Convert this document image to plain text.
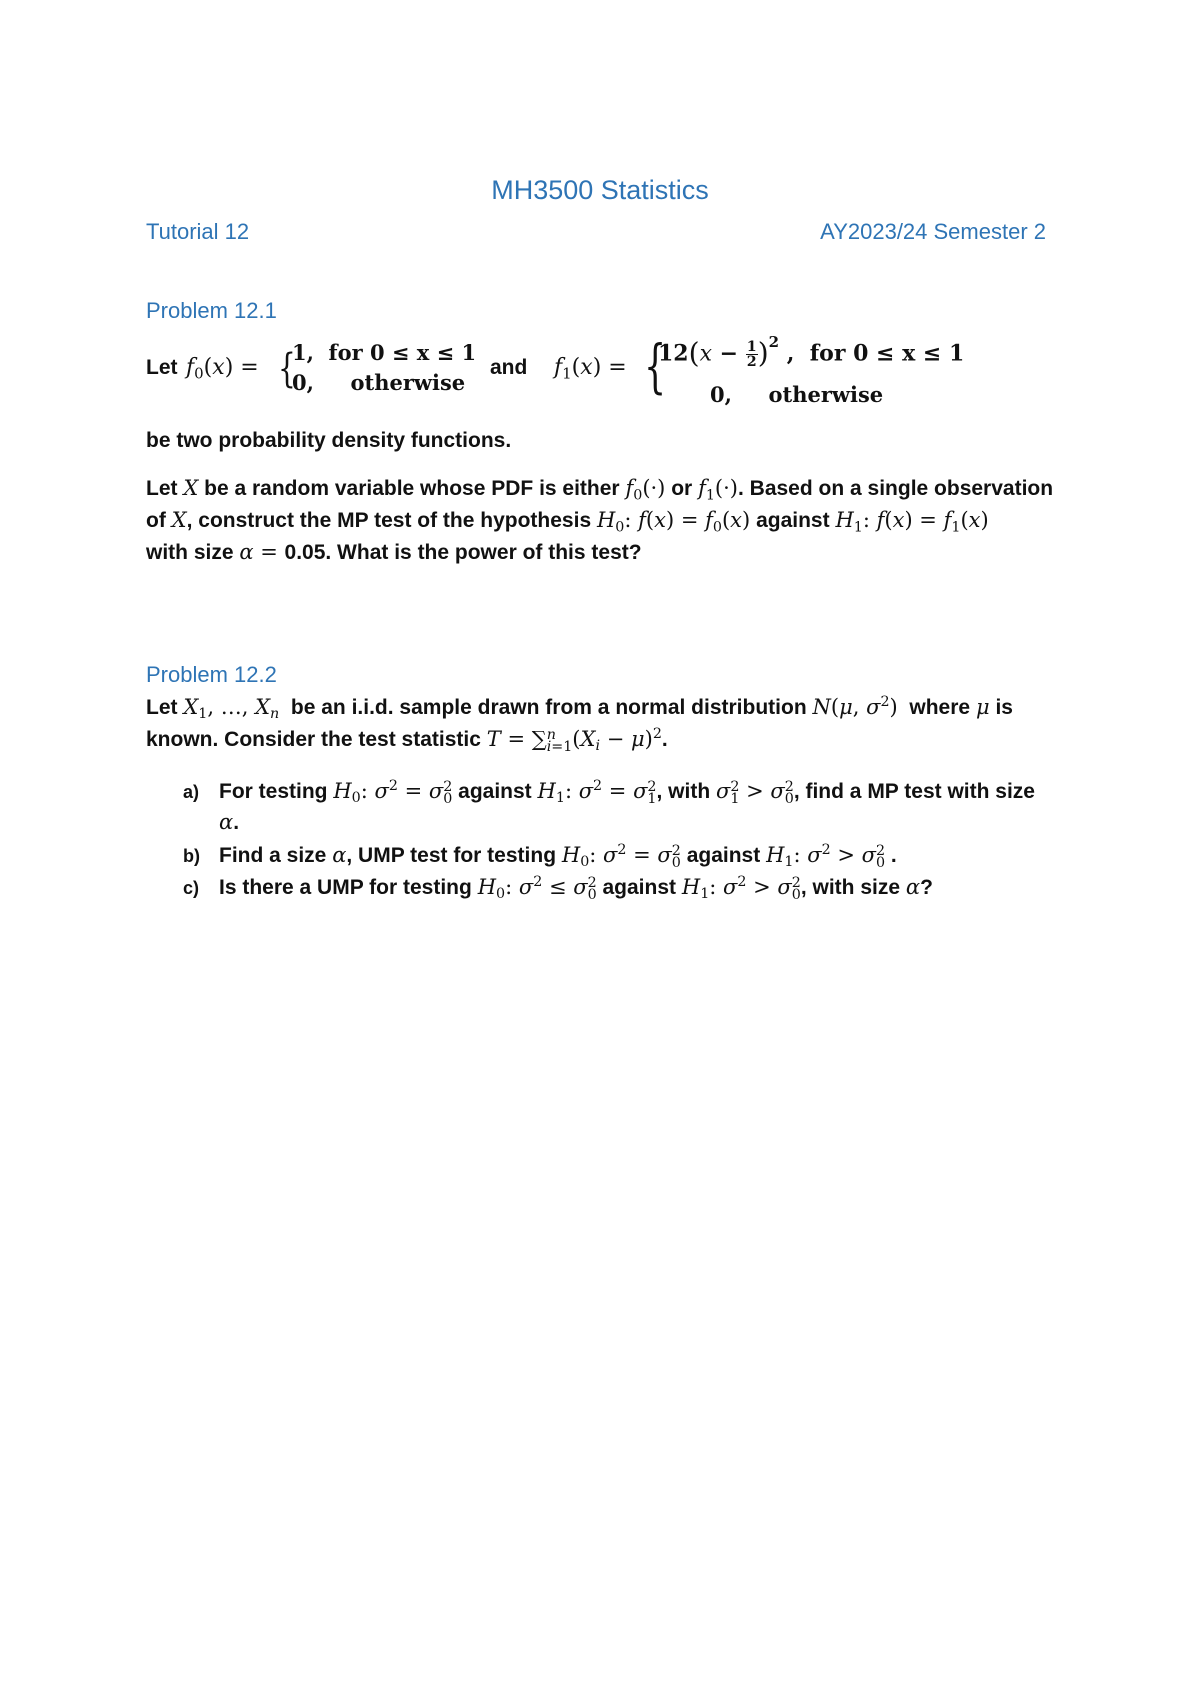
MH3500 Statistics
Tutorial 12	AY2023/24 Semester 2
Problem 12.1
Let $f_0(x)$ = {
1,  for 0 ≤ x ≤ 1
0,     otherwise
and $f_1(x)$ = {
$12(x - \frac{1}{2} )^2$ ,  for 0 ≤ x ≤ 1
0,     otherwise
be two probability density functions.
Let X be a random variable whose PDF is either $f_0(\cdot)$ or $f_1(\cdot)$. Based on a single observation
of X, construct the MP test of the hypothesis $H_0$: $f(x) = f_0(x)$ against $H_1$: $f(x) = f_1(x)$
with size α = 0.05. What is the power of this test?
Problem 12.2
Let $X_1$, …, $X_n$ be an i.i.d. sample drawn from a normal distribution N(μ, $\sigma^2$) where μ is
known. Consider the test statistic T = ∑n
$i=1(X_i - \mu)^2$.
a) For testing $H_0$: $\sigma^2 = \sigma 2$
0 against $H_1$: $\sigma^2 = \sigma 2$
1, with σ2
1 > σ2
0, find a MP test with size
α.
b) Find a size α, UMP test for testing $H_0$: $\sigma^2 = \sigma 2$
0 against $H_1$: $\sigma^2 > \sigma 2$
0 .
c) Is there a UMP for testing $H_0$: $\sigma^2 \le \sigma 2$
0 against $H_1$: $\sigma^2 > \sigma 2$
0, with size α?
